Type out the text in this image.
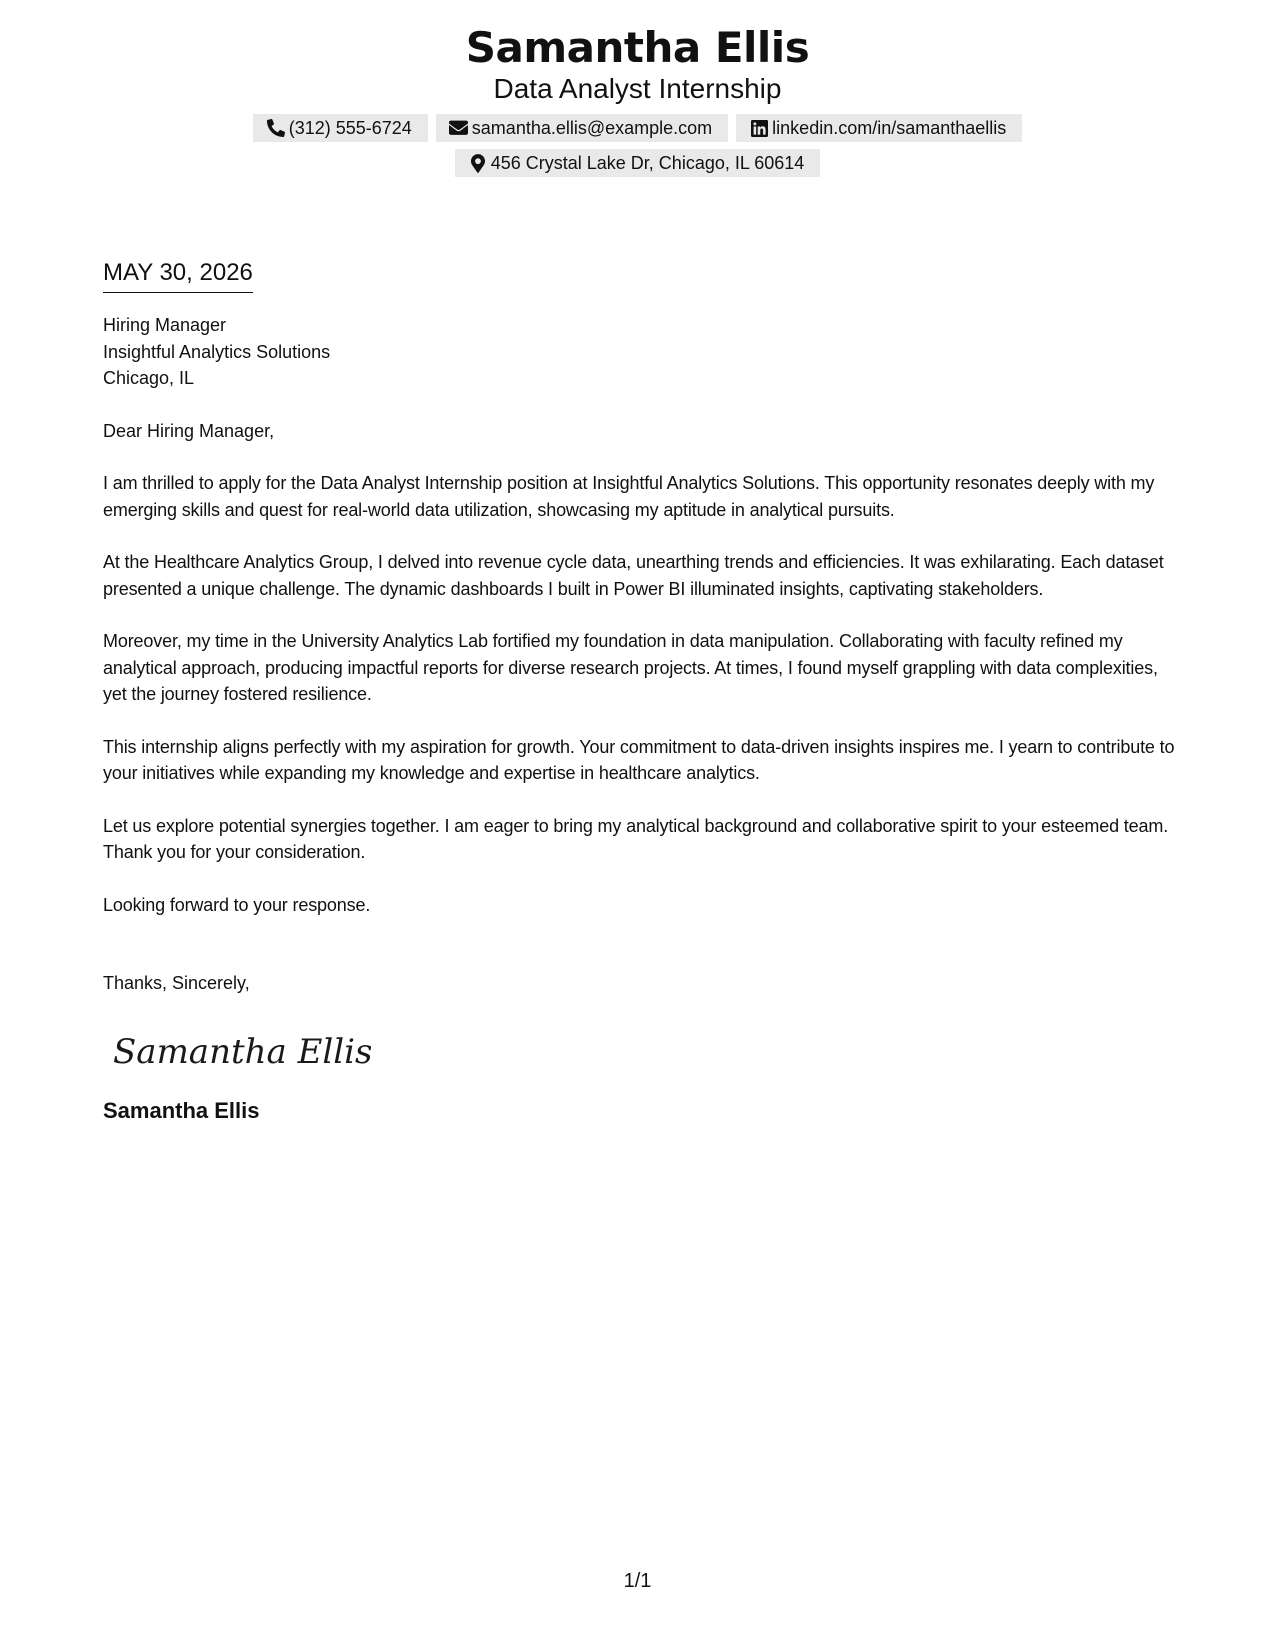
Samantha Ellis
Data Analyst Internship
(312) 555-6724	samantha.ellis@example.com	linkedin.com/in/samanthaellis
456 Crystal Lake Dr, Chicago, IL 60614
MAY 30, 2026
Hiring Manager
Insightful Analytics Solutions
Chicago, IL
Dear Hiring Manager,
I am thrilled to apply for the Data Analyst Internship position at Insightful Analytics Solutions. This opportunity resonates deeply with my emerging skills and quest for real-world data utilization, showcasing my aptitude in analytical pursuits.
At the Healthcare Analytics Group, I delved into revenue cycle data, unearthing trends and efficiencies. It was exhilarating. Each dataset presented a unique challenge. The dynamic dashboards I built in Power BI illuminated insights, captivating stakeholders.
Moreover, my time in the University Analytics Lab fortified my foundation in data manipulation. Collaborating with faculty refined my analytical approach, producing impactful reports for diverse research projects. At times, I found myself grappling with data complexities, yet the journey fostered resilience.
This internship aligns perfectly with my aspiration for growth. Your commitment to data-driven insights inspires me. I yearn to contribute to your initiatives while expanding my knowledge and expertise in healthcare analytics.
Let us explore potential synergies together. I am eager to bring my analytical background and collaborative spirit to your esteemed team. Thank you for your consideration.
Looking forward to your response.
Thanks, Sincerely,
Samantha Ellis
Samantha Ellis
1/1
